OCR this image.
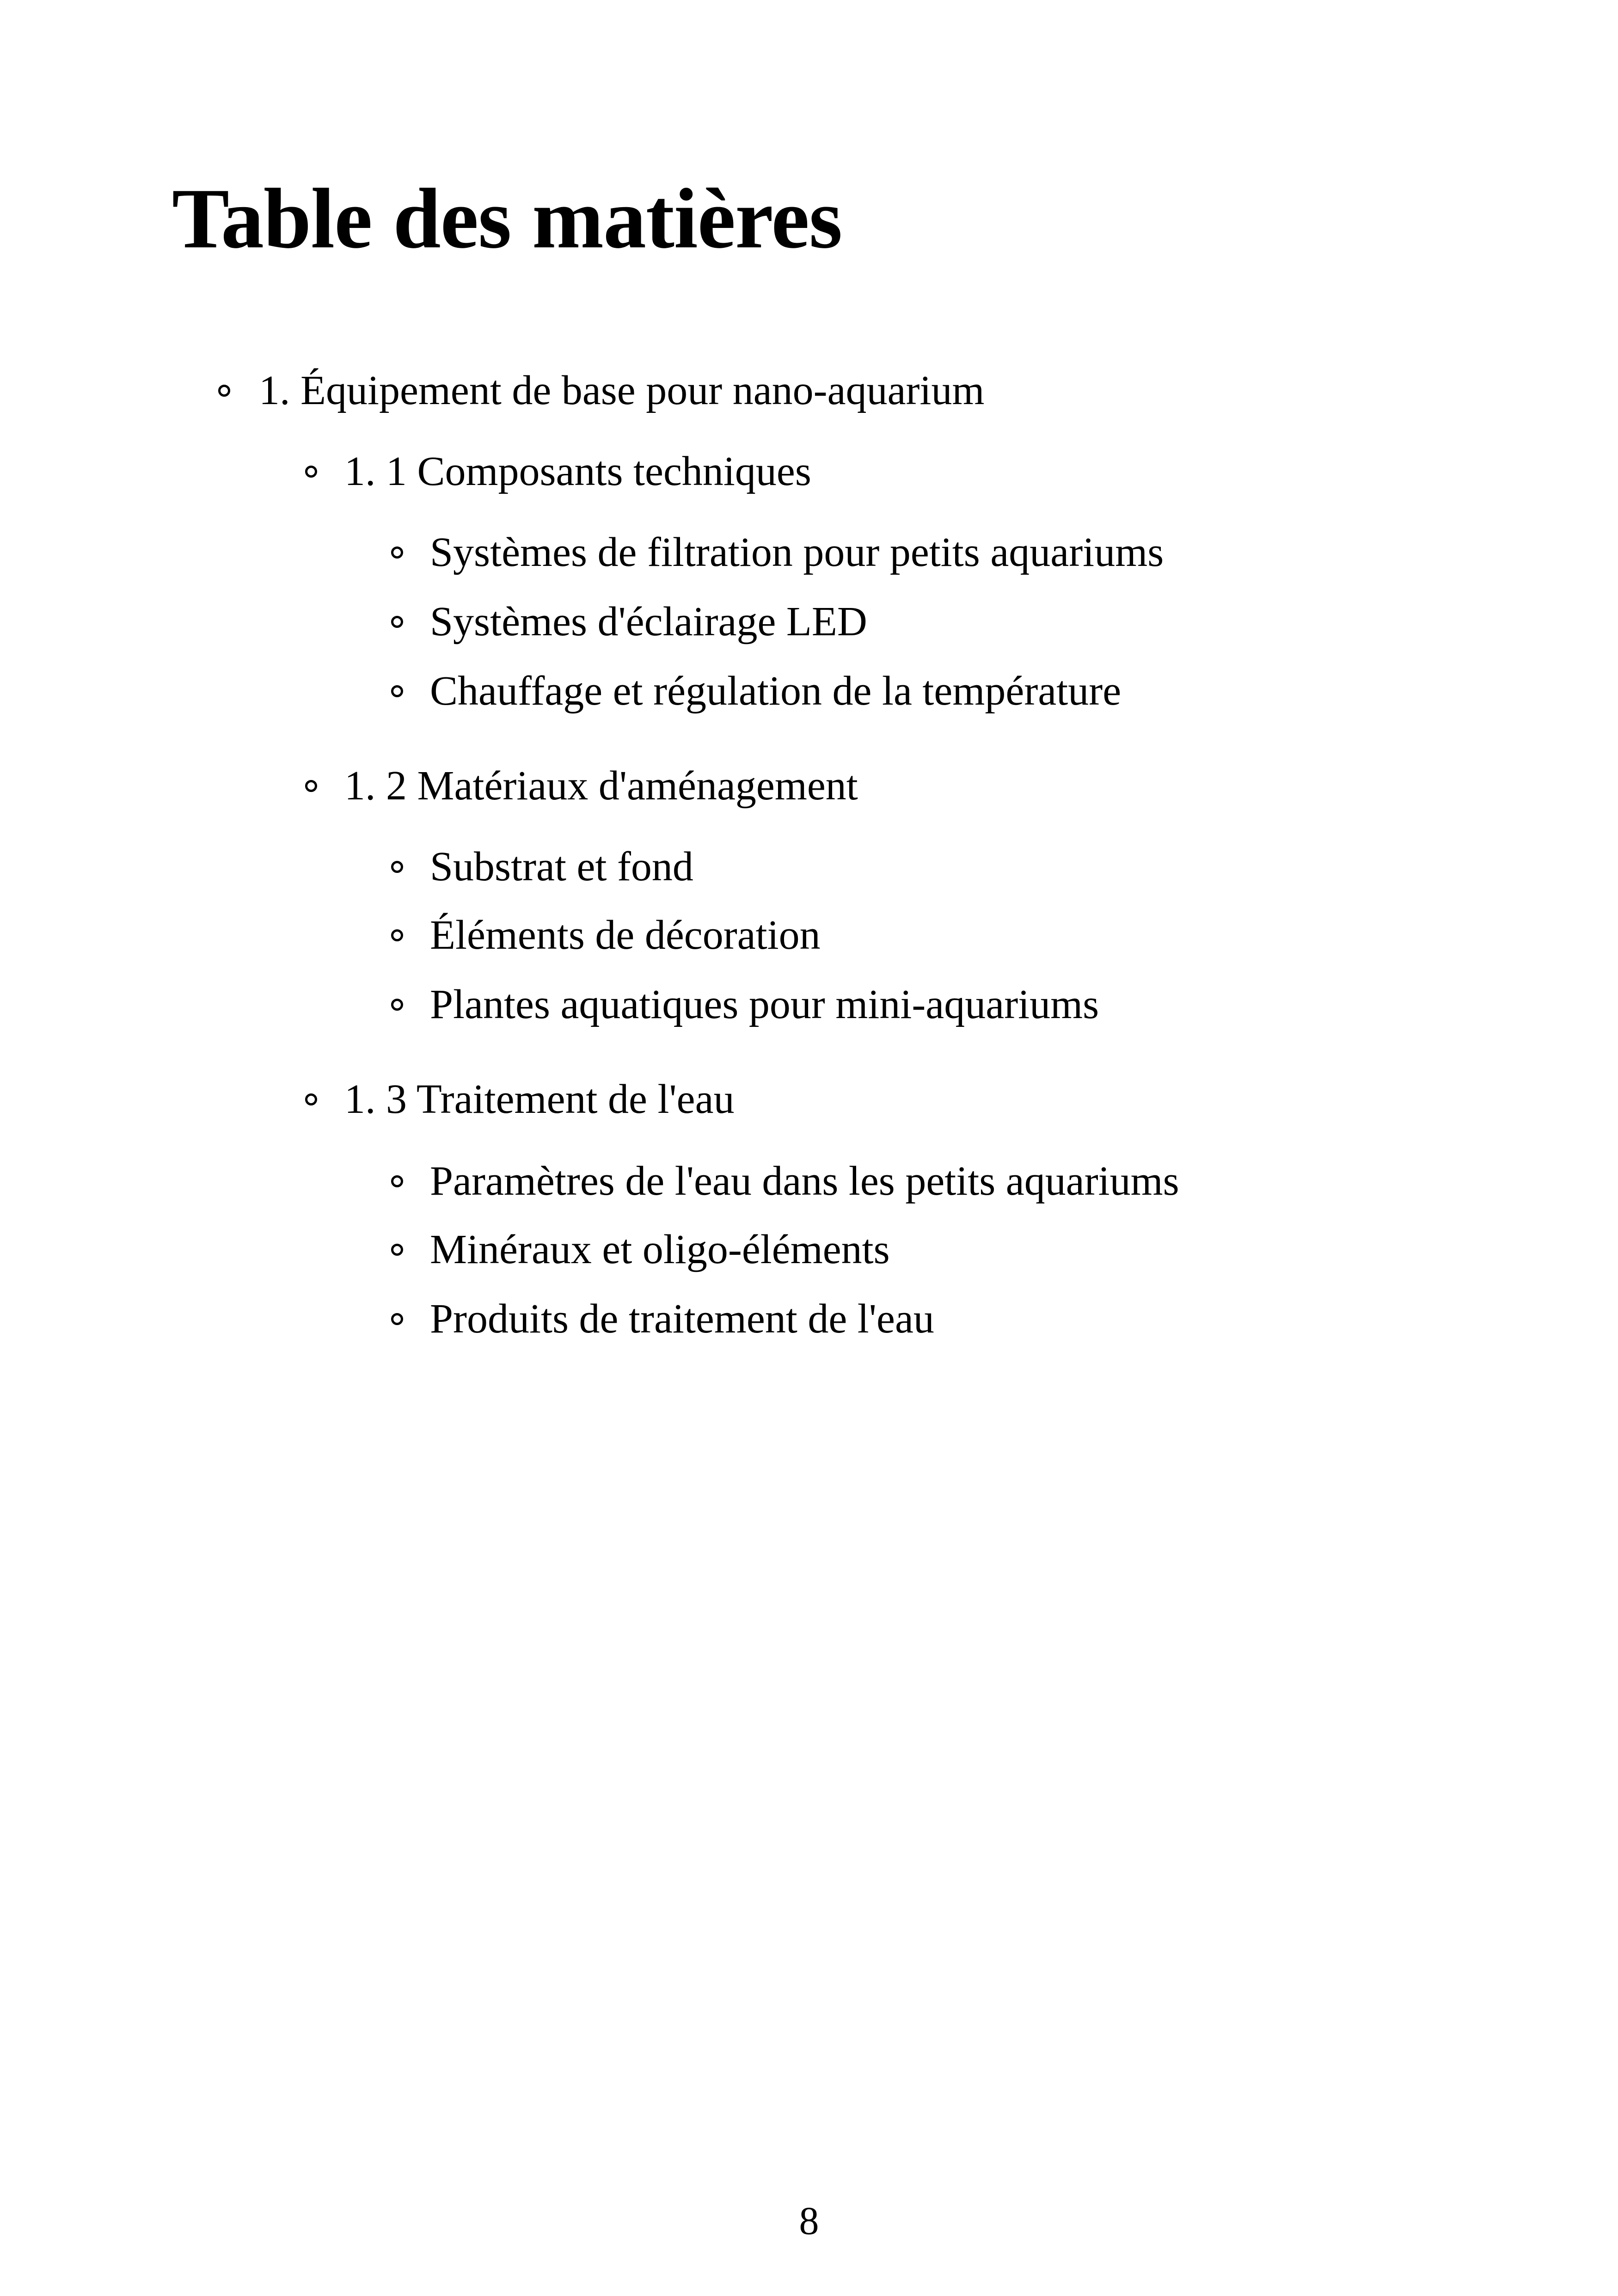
Table des matières
1. Équipement de base pour nano-aquarium
1. 1 Composants techniques
Systèmes de filtration pour petits aquariums
Systèmes d'éclairage LED
Chauffage et régulation de la température
1. 2 Matériaux d'aménagement
Substrat et fond
Éléments de décoration
Plantes aquatiques pour mini-aquariums
1. 3 Traitement de l'eau
Paramètres de l'eau dans les petits aquariums
Minéraux et oligo-éléments
Produits de traitement de l'eau
8
